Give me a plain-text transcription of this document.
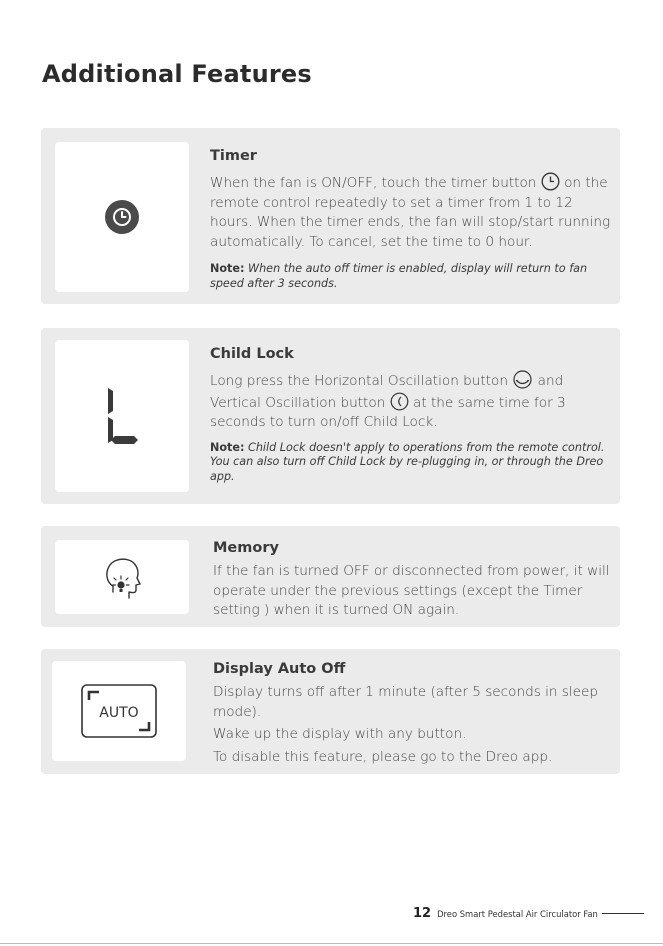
Additional Features
Timer

When the fan is ON/OFF, touch the timer button on the remote control repeatedly to set a timer from 1 to 12 hours. When the timer ends, the fan will stop/start running automatically. To cancel, set the time to 0 hour.

Note: When the auto off timer is enabled, display will return to fan speed after 3 seconds.
Child Lock

Long press the Horizontal Oscillation button and Vertical Oscillation button at the same time for 3 seconds to turn on/off Child Lock.

Note: Child Lock doesn't apply to operations from the remote control.
You can also turn off Child Lock by re-plugging in, or through the Dreo app.
Memory

If the fan is turned OFF or disconnected from power, it will operate under the previous settings (except the Timer setting ) when it is turned ON again.

AUTO
Display Auto Off

Display turns off after 1 minute (after 5 seconds in sleep mode).

Wake up the display with any button.

To disable this feature, please go to the Dreo app.

12 Dreo Smart Pedestal Air Circulator Fan
